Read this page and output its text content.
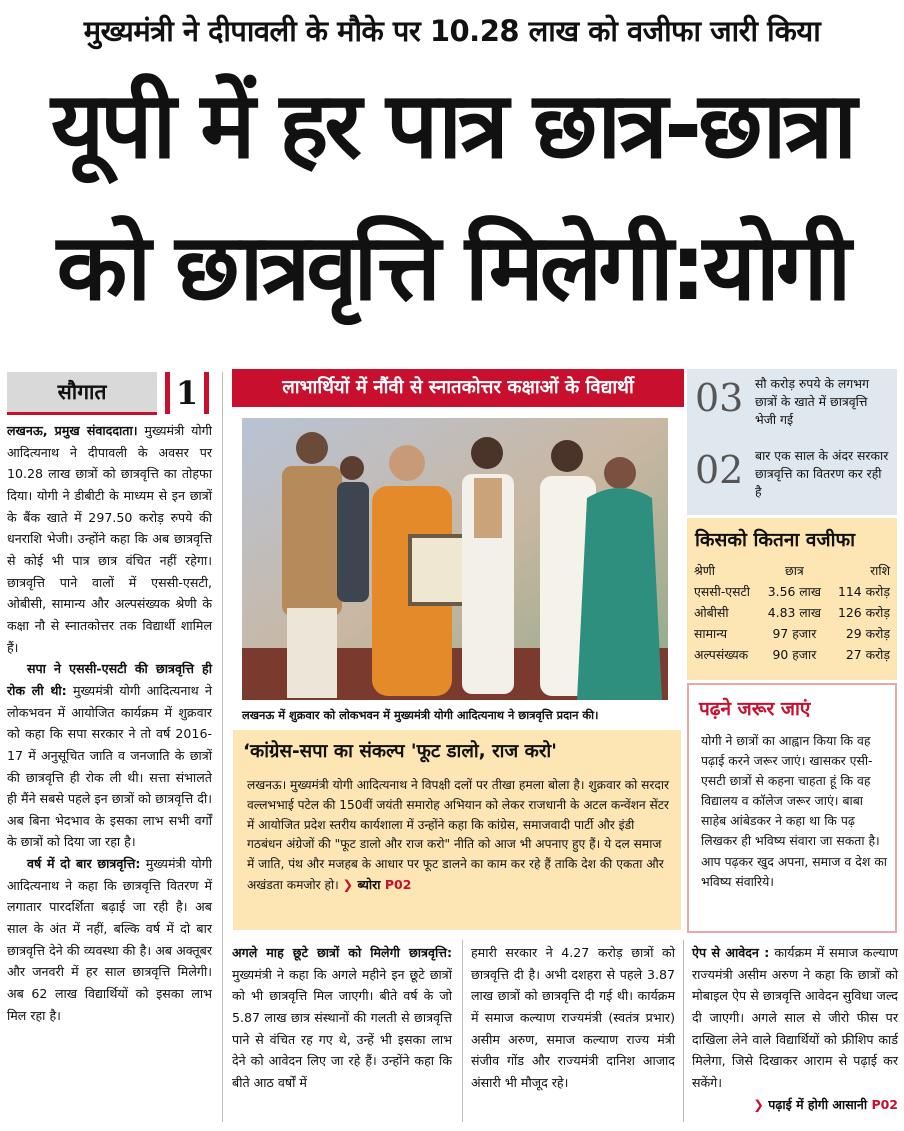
मुख्यमंत्री ने दीपावली के मौके पर 10.28 लाख को वजीफा जारी किया
यूपी में हर पात्र छात्र-छात्रा
को छात्रवृत्ति मिलेगी:योगी
सौगात	1

लखनऊ, प्रमुख संवाददाता। मुख्यमंत्री योगी आदित्यनाथ ने दीपावली के अवसर पर 10.28 लाख छात्रों को छात्रवृत्ति का तोहफा दिया। योगी ने डीबीटी के माध्यम से इन छात्रों के बैंक खाते में 297.50 करोड़ रुपये की धनराशि भेजी। उन्होंने कहा कि अब छात्रवृत्ति से कोई भी पात्र छात्र वंचित नहीं रहेगा। छात्रवृत्ति पाने वालों में एससी-एसटी, ओबीसी, सामान्य और अल्पसंख्यक श्रेणी के कक्षा नौ से स्नातकोत्तर तक विद्यार्थी शामिल हैं।

सपा ने एससी-एसटी की छात्रवृत्ति ही रोक ली थी: मुख्यमंत्री योगी आदित्यनाथ ने लोकभवन में आयोजित कार्यक्रम में शुक्रवार को कहा कि सपा सरकार ने तो वर्ष 2016-17 में अनुसूचित जाति व जनजाति के छात्रों की छात्रवृत्ति ही रोक ली थी। सत्ता संभालते ही मैंने सबसे पहले इन छात्रों को छात्रवृत्ति दी। अब बिना भेदभाव के इसका लाभ सभी वर्गों के छात्रों को दिया जा रहा है।

वर्ष में दो बार छात्रवृत्ति: मुख्यमंत्री योगी आदित्यनाथ ने कहा कि छात्रवृत्ति वितरण में लगातार पारदर्शिता बढ़ाई जा रही है। अब साल के अंत में नहीं, बल्कि वर्ष में दो बार छात्रवृत्ति देने की व्यवस्था की है। अब अक्तूबर और जनवरी में हर साल छात्रवृत्ति मिलेगी। अब 62 लाख विद्यार्थियों को इसका लाभ मिल रहा है।

लाभार्थियों में नौंवी से स्नातकोत्तर कक्षाओं के विद्यार्थी
लखनऊ में शुक्रवार को लोकभवन में मुख्यमंत्री योगी आदित्यनाथ ने छात्रवृत्ति प्रदान की।
‘कांग्रेस-सपा का संकल्प 'फूट डालो, राज करो'
लखनऊ। मुख्यमंत्री योगी आदित्यनाथ ने विपक्षी दलों पर तीखा हमला बोला है। शुक्रवार को सरदार वल्लभभाई पटेल की 150वीं जयंती समारोह अभियान को लेकर राजधानी के अटल कन्वेंशन सेंटर में आयोजित प्रदेश स्तरीय कार्यशाला में उन्होंने कहा कि कांग्रेस, समाजवादी पार्टी और इंडी गठबंधन अंग्रेजों की "फूट डालो और राज करो" नीति को आज भी अपनाए हुए हैं। ये दल समाज में जाति, पंथ और मजहब के आधार पर फूट डालने का काम कर रहे हैं ताकि देश की एकता और अखंडता कमजोर हो। ❯ ब्योरा P02
03 सौ करोड़ रुपये के लगभग छात्रों के खाते में छात्रवृत्ति भेजी गई
02 बार एक साल के अंदर सरकार छात्रवृत्ति का वितरण कर रही है
किसको कितना वजीफा
श्रेणी	छात्र	राशि
एससी-एसटी	3.56 लाख	114 करोड़
ओबीसी	4.83 लाख	126 करोड़
सामान्य	97 हजार	29 करोड़
अल्पसंख्यक	90 हजार	27 करोड़
पढ़ने जरूर जाएं
योगी ने छात्रों का आह्वान किया कि वह पढ़ाई करने जरूर जाएं। खासकर एसी-एसटी छात्रों से कहना चाहता हूं कि वह विद्यालय व कॉलेज जरूर जाएं। बाबा साहेब आंबेडकर ने कहा था कि पढ़ लिखकर ही भविष्य संवारा जा सकता है। आप पढ़कर खुद अपना, समाज व देश का भविष्य संवारिये।

अगले माह छूटे छात्रों को मिलेगी छात्रवृत्ति: मुख्यमंत्री ने कहा कि अगले महीने इन छूटे छात्रों को भी छात्रवृत्ति मिल जाएगी। बीते वर्ष के जो 5.87 लाख छात्र संस्थानों की गलती से छात्रवृत्ति पाने से वंचित रह गए थे, उन्हें भी इसका लाभ देने को आवेदन लिए जा रहे हैं। उन्होंने कहा कि बीते आठ वर्षों में

हमारी सरकार ने 4.27 करोड़ छात्रों को छात्रवृत्ति दी है। अभी दशहरा से पहले 3.87 लाख छात्रों को छात्रवृत्ति दी गई थी। कार्यक्रम में समाज कल्याण राज्यमंत्री (स्वतंत्र प्रभार) असीम अरुण, समाज कल्याण राज्य मंत्री संजीव गोंड और राज्यमंत्री दानिश आजाद अंसारी भी मौजूद रहे।

ऐप से आवेदन : कार्यक्रम में समाज कल्याण राज्यमंत्री असीम अरुण ने कहा कि छात्रों को मोबाइल ऐप से छात्रवृत्ति आवेदन सुविधा जल्द दी जाएगी। अगले साल से जीरो फीस पर दाखिला लेने वाले विद्यार्थियों को फ्रीशिप कार्ड मिलेगा, जिसे दिखाकर आराम से पढ़ाई कर सकेंगे।

❯ पढ़ाई में होगी आसानी P02
